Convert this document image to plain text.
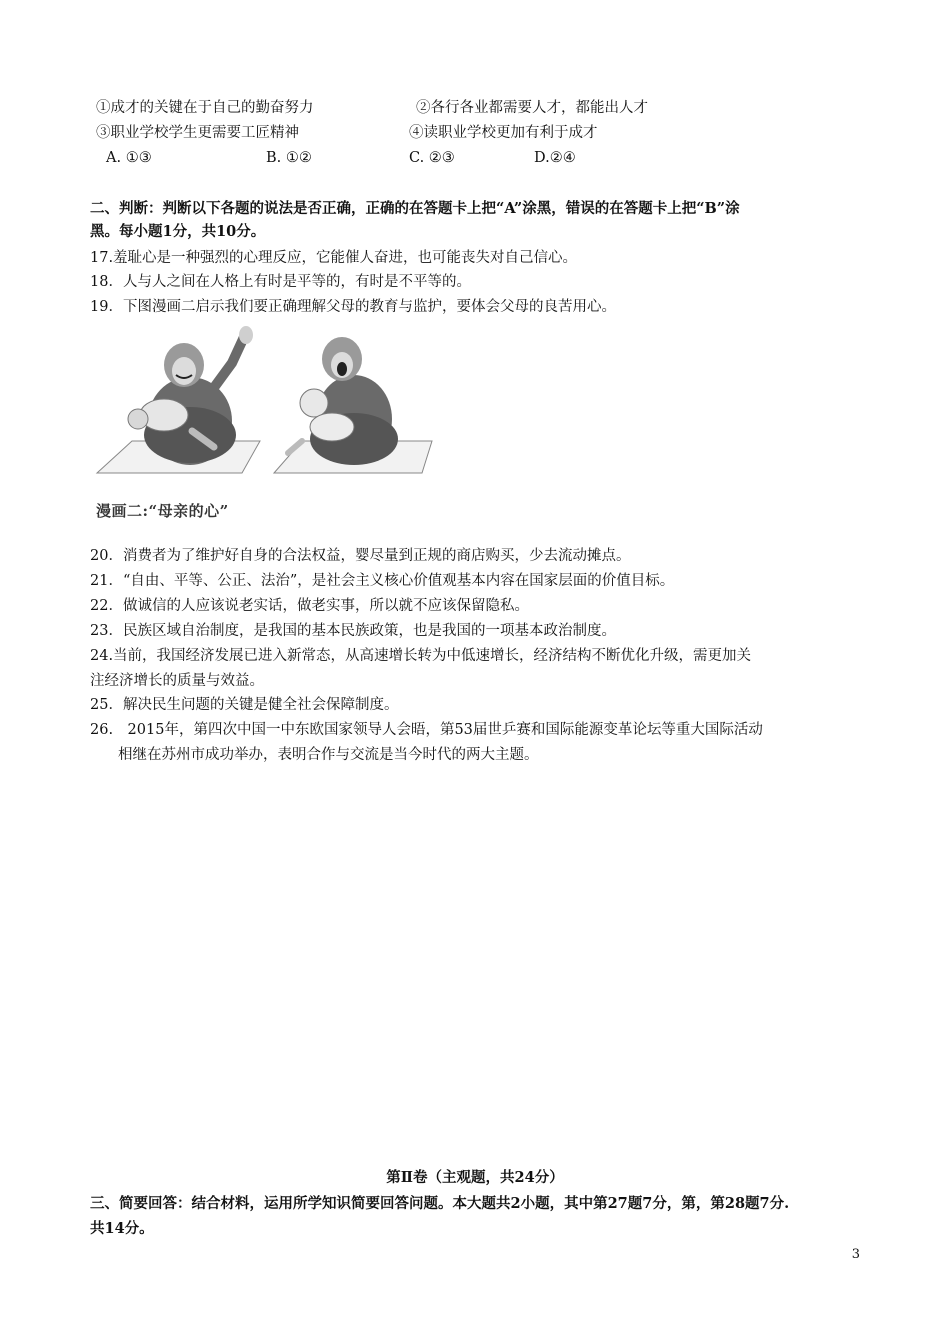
①成才的关键在于自己的勤奋努力	②各行各业都需要人才，都能出人才
③职业学校学生更需要工匠精神	④读职业学校更加有利于成才
A. ①③	B. ①②	C. ②③	D.②④
二、判断：判断以下各题的说法是否正确，正确的在答题卡上把“A”涂黑，错误的在答题卡上把“B”涂
黑。每小题1分，共10分。
17.羞耻心是一种强烈的心理反应，它能催人奋进，也可能丧失对自己信心。
18．人与人之间在人格上有时是平等的，有时是不平等的。
19．下图漫画二启示我们要正确理解父母的教育与监护，要体会父母的良苦用心。
漫画二:“母亲的心”
20．消费者为了维护好自身的合法权益，婴尽量到正规的商店购买，少去流动摊点。
21．“自由、平等、公正、法治”，是社会主义核心价值观基本内容在国家层面的价值目标。
22．做诚信的人应该说老实话，做老实事，所以就不应该保留隐私。
23．民族区域自治制度，是我国的基本民族政策，也是我国的一项基本政治制度。
24.当前，我国经济发展已进入新常态，从高速增长转为中低速增长，经济结构不断优化升级，需更加关
注经济增长的质量与效益。
25．解决民生问题的关键是健全社会保障制度。
26.　2015年，第四次中国一中东欧国家领导人会晤，第53届世乒赛和国际能源变革论坛等重大国际活动
相继在苏州市成功举办，表明合作与交流是当今时代的两大主题。
第Ⅱ卷（主观题，共24分）
三、简要回答：结合材料，运用所学知识简要回答问题。本大题共2小题，其中第27题7分，第，第28题7分.
共14分。
3
